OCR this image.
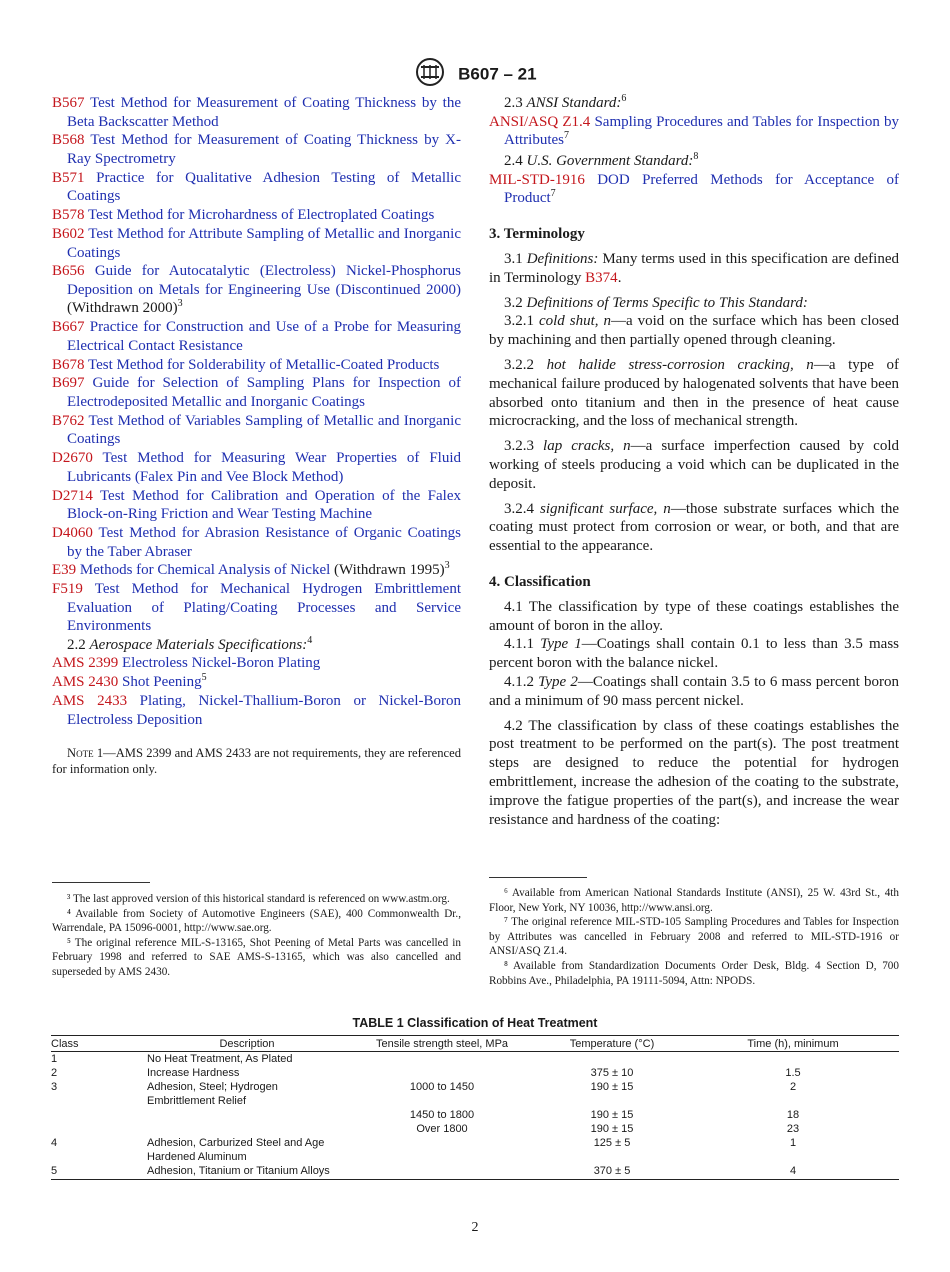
B607 – 21

B567 Test Method for Measurement of Coating Thickness by the Beta Backscatter Method

B568 Test Method for Measurement of Coating Thickness by X-Ray Spectrometry

B571 Practice for Qualitative Adhesion Testing of Metallic Coatings

B578 Test Method for Microhardness of Electroplated Coatings

B602 Test Method for Attribute Sampling of Metallic and Inorganic Coatings

B656 Guide for Autocatalytic (Electroless) Nickel-Phosphorus Deposition on Metals for Engineering Use (Discontinued 2000) (Withdrawn 2000)$^3$

B667 Practice for Construction and Use of a Probe for Measuring Electrical Contact Resistance

B678 Test Method for Solderability of Metallic-Coated Products

B697 Guide for Selection of Sampling Plans for Inspection of Electrodeposited Metallic and Inorganic Coatings

B762 Test Method of Variables Sampling of Metallic and Inorganic Coatings

D2670 Test Method for Measuring Wear Properties of Fluid Lubricants (Falex Pin and Vee Block Method)

D2714 Test Method for Calibration and Operation of the Falex Block-on-Ring Friction and Wear Testing Machine

D4060 Test Method for Abrasion Resistance of Organic Coatings by the Taber Abraser

E39 Methods for Chemical Analysis of Nickel (Withdrawn 1995)$^3$

F519 Test Method for Mechanical Hydrogen Embrittlement Evaluation of Plating/Coating Processes and Service Environments

2.2 Aerospace Materials Specifications:$^4$

AMS 2399 Electroless Nickel-Boron Plating

AMS 2430 Shot Peening$^5$

AMS 2433 Plating, Nickel-Thallium-Boron or Nickel-Boron Electroless Deposition

Note 1—AMS 2399 and AMS 2433 are not requirements, they are referenced for information only.

³ The last approved version of this historical standard is referenced on www.astm.org.

⁴ Available from Society of Automotive Engineers (SAE), 400 Commonwealth Dr., Warrendale, PA 15096-0001, http://www.sae.org.

⁵ The original reference MIL-S-13165, Shot Peening of Metal Parts was cancelled in February 1998 and referred to SAE AMS-S-13165, which was also cancelled and superseded by AMS 2430.

2.3 ANSI Standard:$^6$

ANSI/ASQ Z1.4 Sampling Procedures and Tables for Inspection by Attributes$^7$

2.4 U.S. Government Standard:$^8$

MIL-STD-1916 DOD Preferred Methods for Acceptance of Product$^7$

3. Terminology

3.1 Definitions: Many terms used in this specification are defined in Terminology B374.

3.2 Definitions of Terms Specific to This Standard:

3.2.1 cold shut, n—a void on the surface which has been closed by machining and then partially opened through cleaning.

3.2.2 hot halide stress-corrosion cracking, n—a type of mechanical failure produced by halogenated solvents that have been absorbed onto titanium and then in the presence of heat cause microcracking, and the loss of mechanical strength.

3.2.3 lap cracks, n—a surface imperfection caused by cold working of steels producing a void which can be duplicated in the deposit.

3.2.4 significant surface, n—those substrate surfaces which the coating must protect from corrosion or wear, or both, and that are essential to the appearance.

4. Classification

4.1 The classification by type of these coatings establishes the amount of boron in the alloy.

4.1.1 Type 1—Coatings shall contain 0.1 to less than 3.5 mass percent boron with the balance nickel.

4.1.2 Type 2—Coatings shall contain 3.5 to 6 mass percent boron and a minimum of 90 mass percent nickel.

4.2 The classification by class of these coatings establishes the post treatment to be performed on the part(s). The post treatment steps are designed to reduce the potential for hydrogen embrittlement, increase the adhesion of the coating to the substrate, improve the fatigue properties of the part(s), and increase the wear resistance and hardness of the coating:

⁶ Available from American National Standards Institute (ANSI), 25 W. 43rd St., 4th Floor, New York, NY 10036, http://www.ansi.org.

⁷ The original reference MIL-STD-105 Sampling Procedures and Tables for Inspection by Attributes was cancelled in February 2008 and referred to MIL-STD-1916 or ANSI/ASQ Z1.4.

⁸ Available from Standardization Documents Order Desk, Bldg. 4 Section D, 700 Robbins Ave., Philadelphia, PA 19111-5094, Attn: NPODS.

TABLE 1 Classification of Heat Treatment
Class	Description	Tensile strength steel, MPa	Temperature (°C)	Time (h), minimum
1	No Heat Treatment, As Plated			
2	Increase Hardness		375 ± 10	1.5
3	Adhesion, Steel; Hydrogen Embrittlement Relief	1000 to 1450	190 ± 15	2
		1450 to 1800	190 ± 15	18
		Over 1800	190 ± 15	23
4	Adhesion, Carburized Steel and Age Hardened Aluminum		125 ± 5	1
5	Adhesion, Titanium or Titanium Alloys		370 ± 5	4
2
